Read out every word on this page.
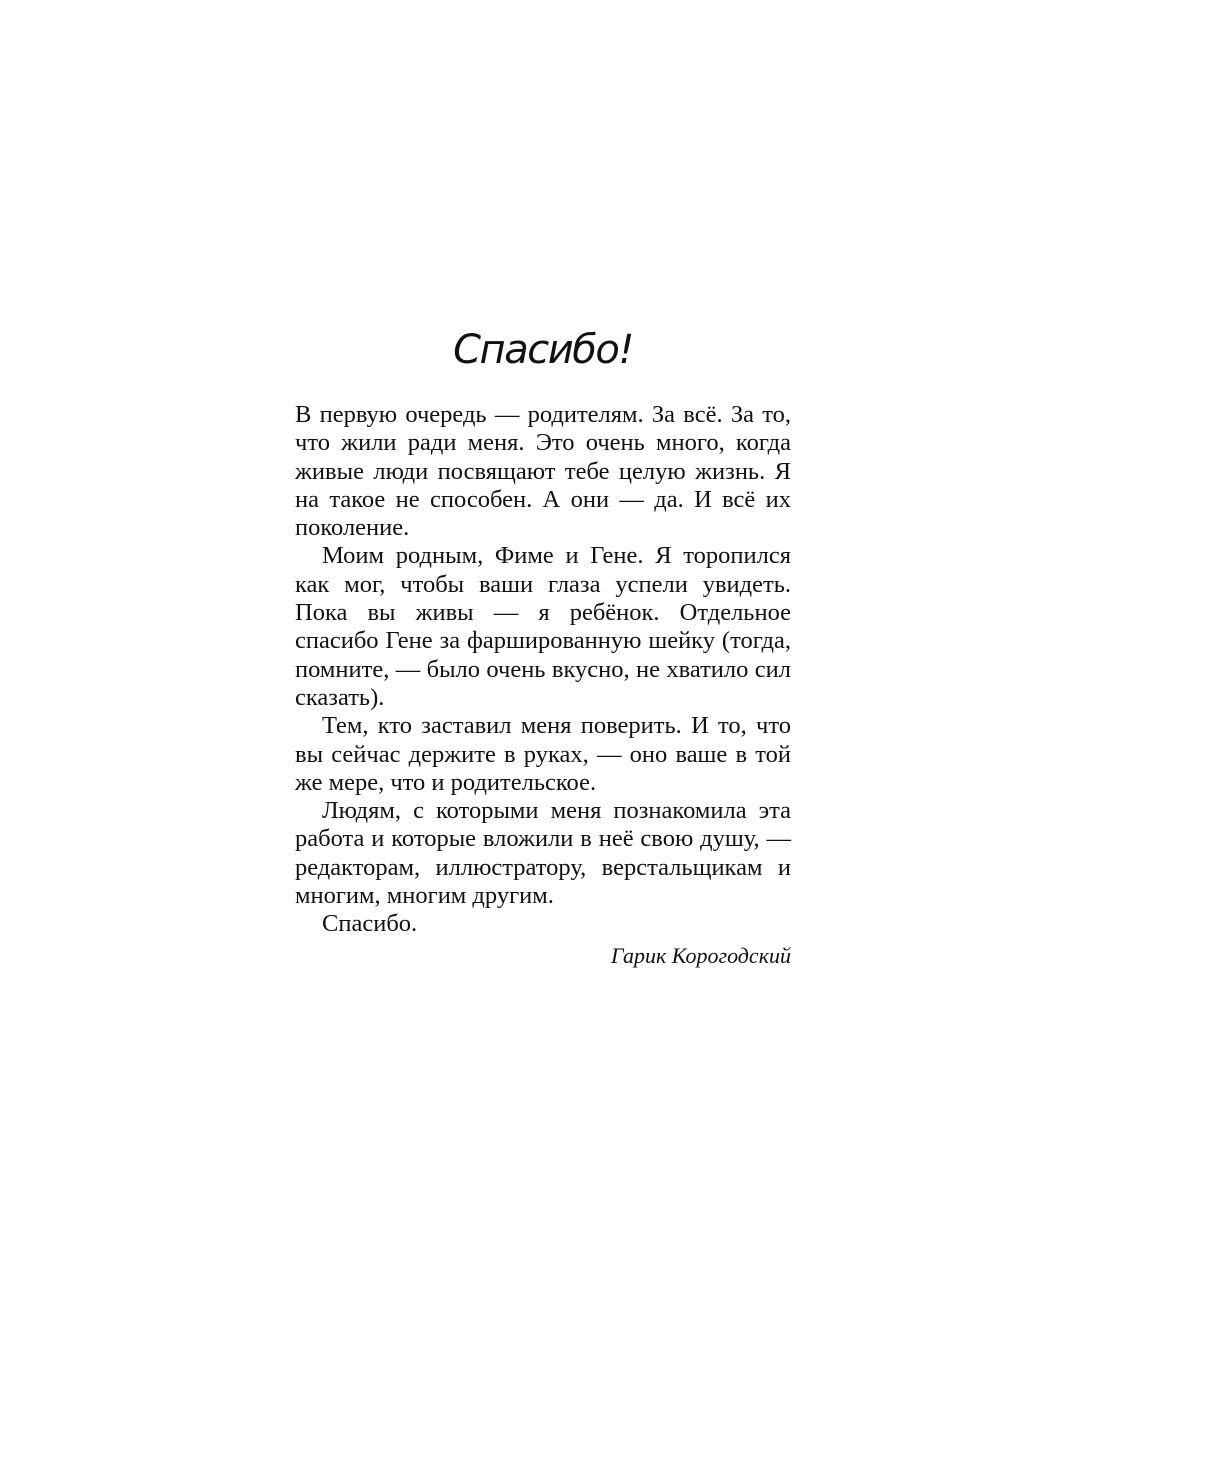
Спасибо!

В первую очередь — родителям. За всё. За то, что жили ради меня. Это очень много, когда живые люди посвящают тебе целую жизнь. Я на такое не способен. А они — да. И всё их поколение.

Моим родным, Фиме и Гене. Я торопился как мог, чтобы ваши глаза успели увидеть. Пока вы живы — я ребёнок. Отдельное спасибо Гене за фаршированную шейку (тогда, помните, — было очень вкусно, не хватило сил сказать).

Тем, кто заставил меня поверить. И то, что вы сейчас держите в руках, — оно ваше в той же мере, что и родительское.

Людям, с которыми меня познакомила эта работа и которые вложили в неё свою душу, — редакторам, иллюстратору, верстальщикам и многим, многим другим.

Спасибо.

Гарик Корогодский
